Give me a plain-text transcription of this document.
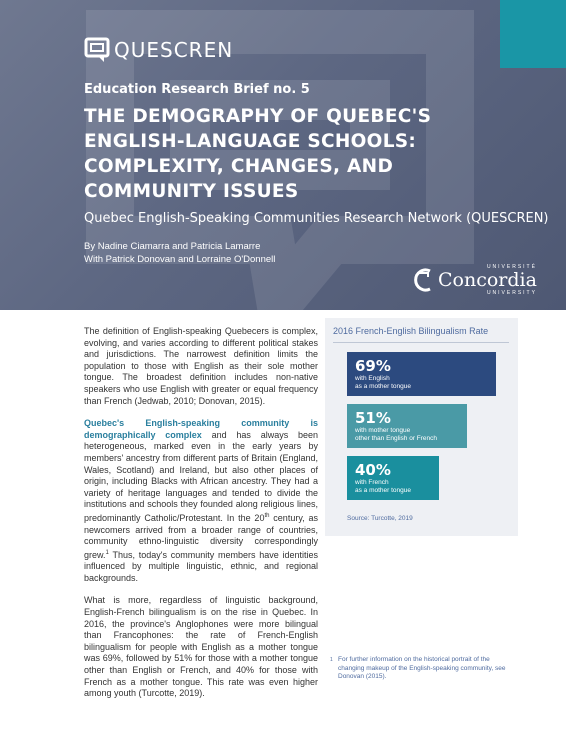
QUESCREN
Education Research Brief no. 5
THE DEMOGRAPHY OF QUEBEC'S ENGLISH-LANGUAGE SCHOOLS: COMPLEXITY, CHANGES, AND COMMUNITY ISSUES
Quebec English-Speaking Communities Research Network (QUESCREN)
By Nadine Ciamarra and Patricia Lamarre
With Patrick Donovan and Lorraine O'Donnell
UNIVERSITÉ
Concordia
UNIVERSITY

The definition of English-speaking Quebecers is complex, evolving, and varies according to different political stakes and jurisdictions. The narrowest definition limits the population to those with English as their sole mother tongue. The broadest definition includes non-native speakers who use English with greater or equal frequency than French (Jedwab, 2010; Donovan, 2015).

Quebec's English-speaking community is demographically complex and has always been heterogeneous, marked even in the early years by members' ancestry from different parts of Britain (England, Wales, Scotland) and Ireland, but also other places of origin, including Blacks with African ancestry. They had a variety of heritage languages and tended to divide the institutions and schools they founded along religious lines, predominantly Catholic/Protestant. In the 20th century, as newcomers arrived from a broader range of countries, community ethno-linguistic diversity correspondingly grew.$^1$ Thus, today's community members have identities influenced by multiple linguistic, ethnic, and regional backgrounds.

What is more, regardless of linguistic background, English-French bilingualism is on the rise in Quebec. In 2016, the province's Anglophones were more bilingual than Francophones: the rate of French-English bilingualism for people with English as a mother tongue was 69%, followed by 51% for those with a mother tongue other than English or French, and 40% for those with French as a mother tongue. This rate was even higher among youth (Turcotte, 2019).

2016 French-English Bilingualism Rate
69%
with English
as a mother tongue
51%
with mother tongue
other than English or French
40%
with French
as a mother tongue
Source: Turcotte, 2019
1 For further information on the historical portrait of the changing makeup of the English-speaking community, see Donovan (2015).
